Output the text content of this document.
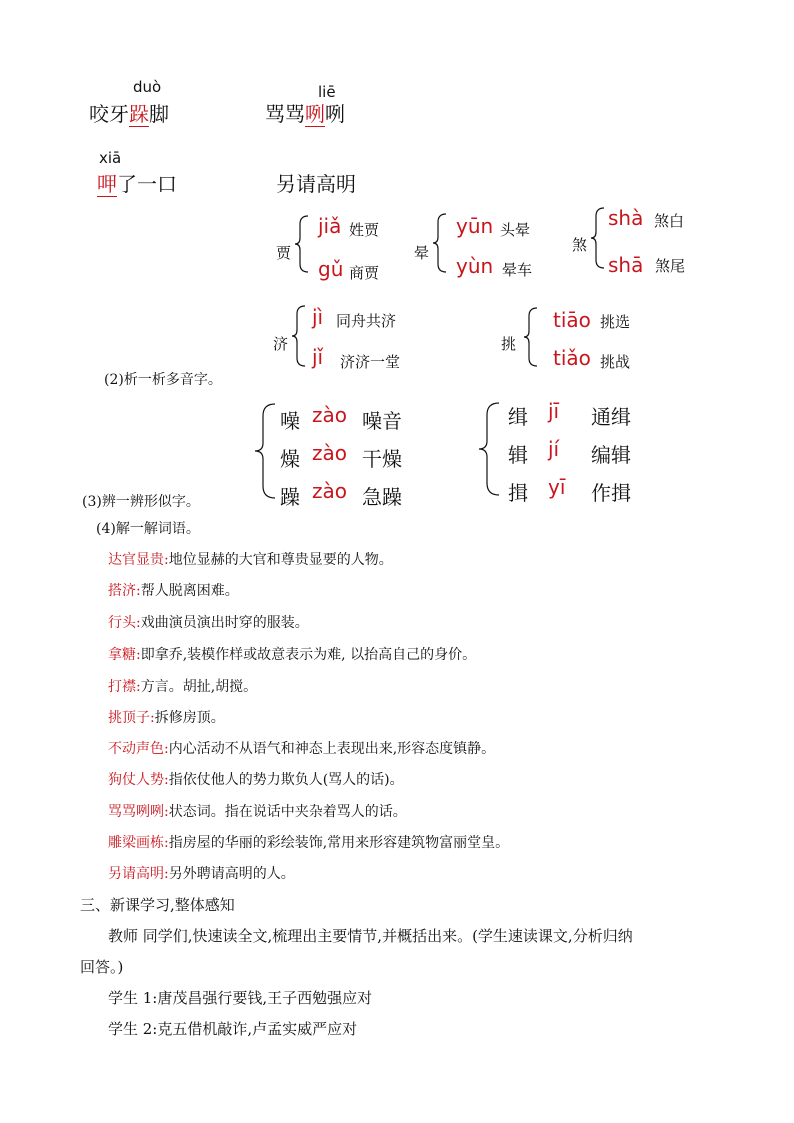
duò
咬牙跺脚
liē
骂骂咧咧
xiā
呷了一口	另请高明
贾
jiǎ 姓贾
gǔ 商贾
晕
yūn 头晕
yùn 晕车
煞
shà 煞白
shā 煞尾
济
jì 同舟共济
jǐ 济济一堂
挑
tiāo 挑选
tiǎo 挑战
(2)析一析多音字。
噪 zào 噪音
燥 zào 干燥
躁 zào 急躁
缉 jī 通缉
辑 jí 编辑
揖 yī 作揖
(3)辨一辨形似字。
(4)解一解词语。
达官显贵:地位显赫的大官和尊贵显要的人物。
搭济:帮人脱离困难。
行头:戏曲演员演出时穿的服装。
拿糖:即拿乔,装模作样或故意表示为难, 以抬高自己的身价。
打襟:方言。胡扯,胡搅。
挑顶子:拆修房顶。
不动声色:内心活动不从语气和神态上表现出来,形容态度镇静。
狗仗人势:指依仗他人的势力欺负人(骂人的话)。
骂骂咧咧:状态词。指在说话中夹杂着骂人的话。
雕梁画栋:指房屋的华丽的彩绘装饰,常用来形容建筑物富丽堂皇。
另请高明:另外聘请高明的人。
三、新课学习,整体感知
教师 同学们,快速读全文,梳理出主要情节,并概括出来。(学生速读课文,分析归纳
回答。)
学生 1:唐茂昌强行要钱,王子西勉强应对
学生 2:克五借机敲诈,卢孟实威严应对
